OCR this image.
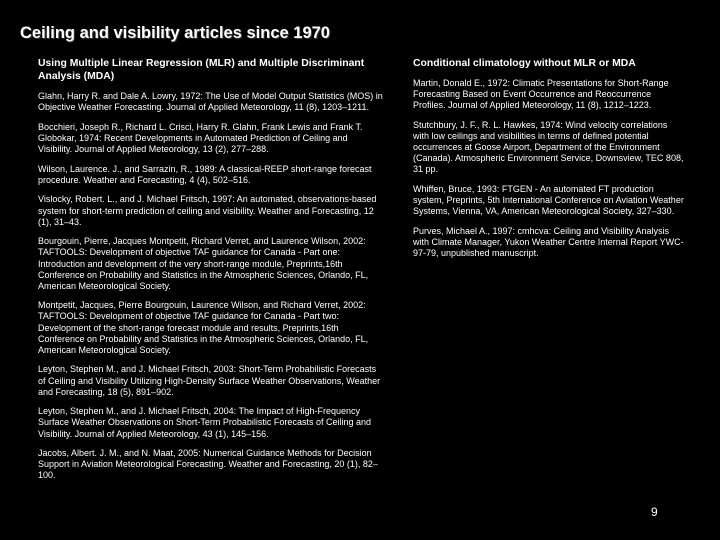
Ceiling and visibility articles since 1970
Using Multiple Linear Regression (MLR) and Multiple Discriminant Analysis (MDA)
Glahn, Harry R. and Dale A. Lowry, 1972: The Use of Model Output Statistics (MOS) in Objective Weather Forecasting. Journal of Applied Meteorology, 11 (8), 1203–1211.
Bocchieri, Joseph R., Richard L. Crisci, Harry R. Glahn, Frank Lewis and Frank T. Globokar, 1974: Recent Developments in Automated Prediction of Ceiling and Visibility. Journal of Applied Meteorology, 13 (2), 277–288.
Wilson, Laurence. J., and Sarrazin, R., 1989: A classical-REEP short-range forecast procedure. Weather and Forecasting, 4 (4), 502–516.
Vislocky, Robert. L., and J. Michael Fritsch, 1997: An automated, observations-based system for short-term prediction of ceiling and visibility. Weather and Forecasting, 12 (1), 31–43.
Bourgouin, Pierre, Jacques Montpetit, Richard Verret, and Laurence Wilson, 2002: TAFTOOLS: Development of objective TAF guidance for Canada - Part one: Introduction and development of the very short-range module, Preprints,16th Conference on Probability and Statistics in the Atmospheric Sciences, Orlando, FL, American Meteorological Society.
Montpetit, Jacques, Pierre Bourgouin, Laurence Wilson, and Richard Verret, 2002: TAFTOOLS: Development of objective TAF guidance for Canada - Part two: Development of the short-range forecast module and results, Preprints,16th Conference on Probability and Statistics in the Atmospheric Sciences, Orlando, FL, American Meteorological Society.
Leyton, Stephen M., and J. Michael Fritsch, 2003: Short-Term Probabilistic Forecasts of Ceiling and Visibility Utilizing High-Density Surface Weather Observations, Weather and Forecasting, 18 (5), 891–902.
Leyton, Stephen M., and J. Michael Fritsch, 2004: The Impact of High-Frequency Surface Weather Observations on Short-Term Probabilistic Forecasts of Ceiling and Visibility. Journal of Applied Meteorology, 43 (1), 145–156.
Jacobs, Albert. J. M., and N. Maat, 2005: Numerical Guidance Methods for Decision Support in Aviation Meteorological Forecasting. Weather and Forecasting, 20 (1), 82–100.
Conditional climatology without MLR or MDA
Martin, Donald E., 1972: Climatic Presentations for Short-Range Forecasting Based on Event Occurrence and Reoccurrence Profiles. Journal of Applied Meteorology, 11 (8), 1212–1223.
Stutchbury, J. F., R. L. Hawkes, 1974: Wind velocity correlations with low ceilings and visibilities in terms of defined potential occurrences at Goose Airport, Department of the Environment (Canada). Atmospheric Environment Service, Downsview, TEC 808, 31 pp.
Whiffen, Bruce, 1993: FTGEN - An automated FT production system, Preprints, 5th International Conference on Aviation Weather Systems, Vienna, VA, American Meteorological Society, 327–330.
Purves, Michael A., 1997: cmhcva: Ceiling and Visibility Analysis with Climate Manager, Yukon Weather Centre Internal Report YWC-97-79, unpublished manuscript.
9
